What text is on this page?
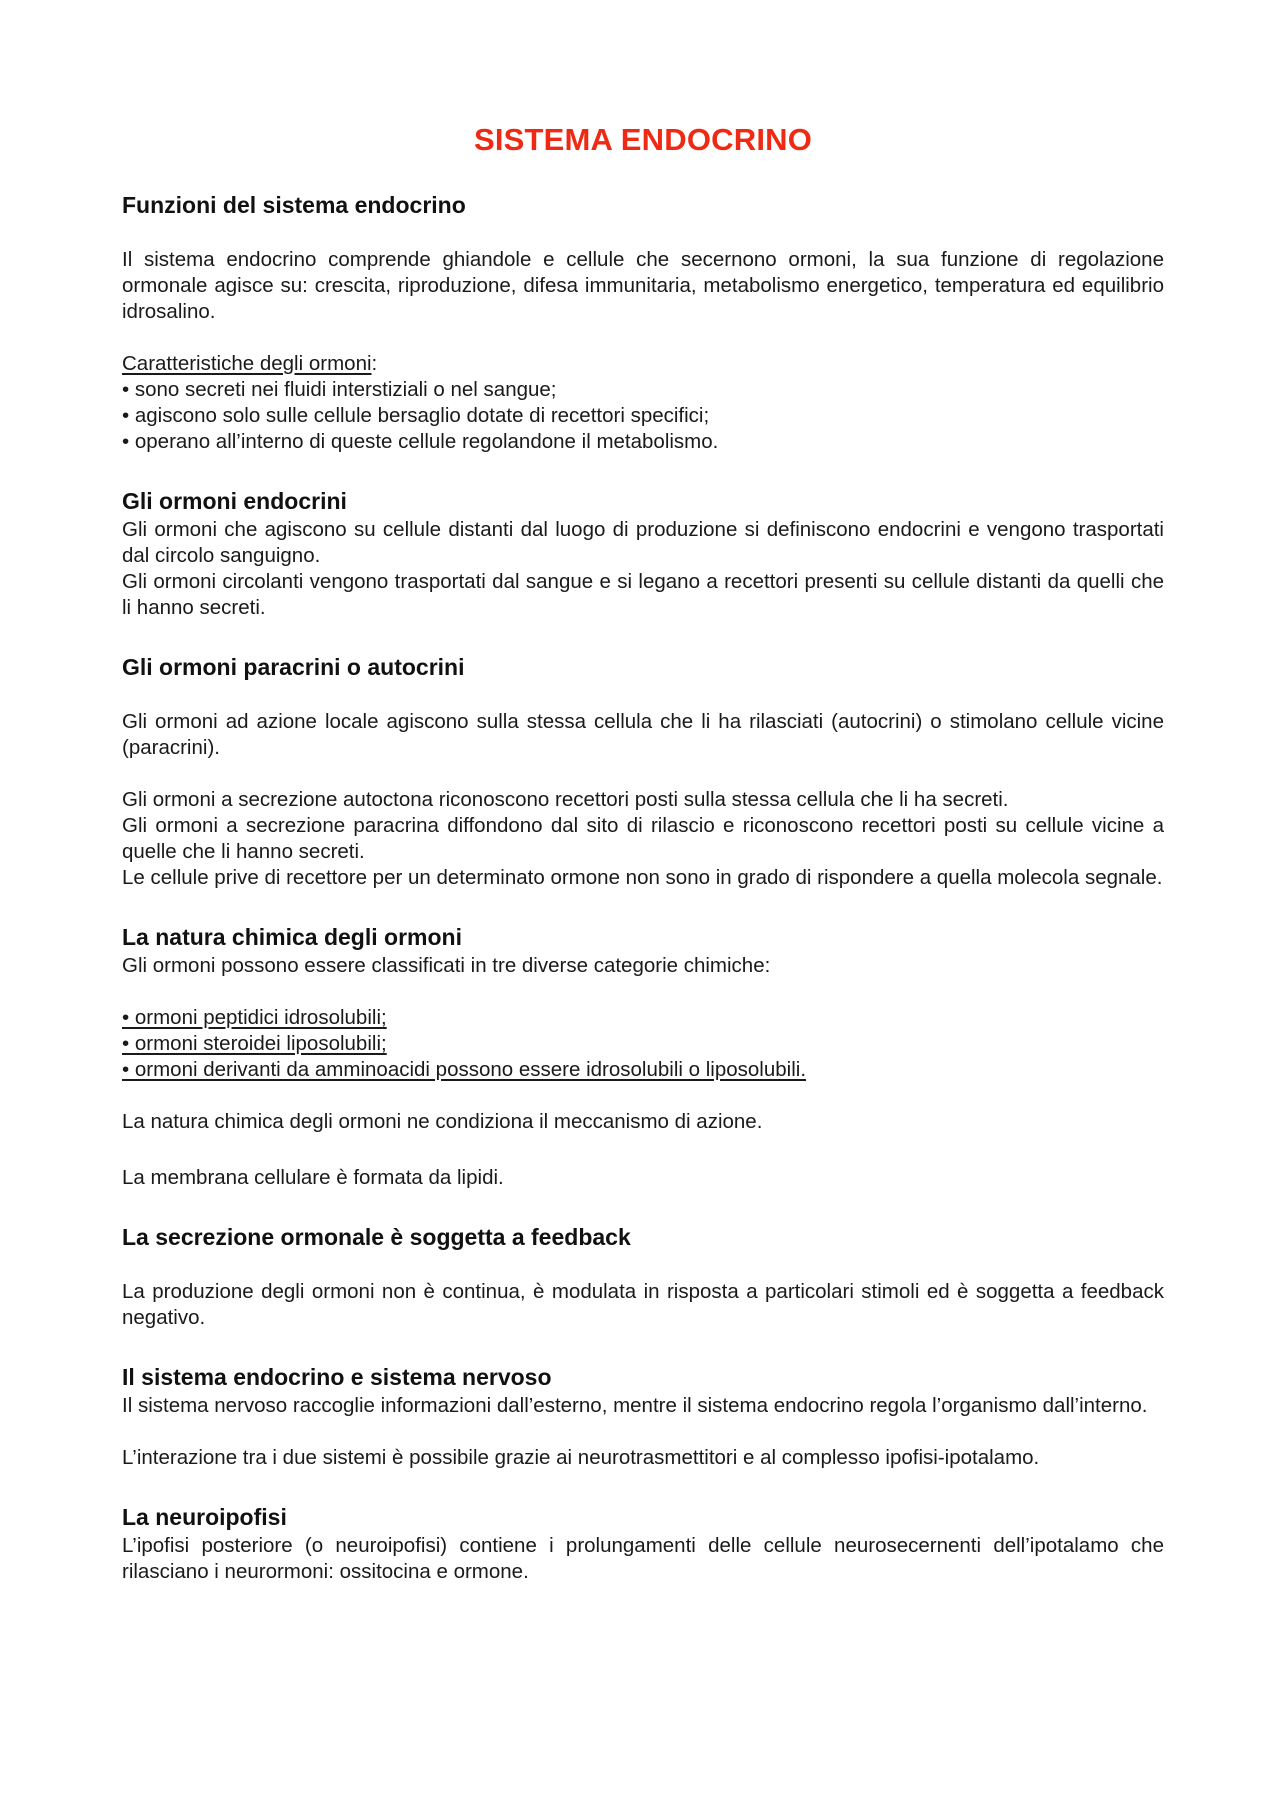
SISTEMA ENDOCRINO
Funzioni del sistema endocrino

Il sistema endocrino comprende ghiandole e cellule che secernono ormoni, la sua funzione di regolazione ormonale agisce su: crescita, riproduzione, difesa immunitaria, metabolismo energetico, temperatura ed equilibrio idrosalino.

Caratteristiche degli ormoni:
• sono secreti nei fluidi interstiziali o nel sangue;
• agiscono solo sulle cellule bersaglio dotate di recettori specifici;
• operano all’interno di queste cellule regolandone il metabolismo.
Gli ormoni endocrini

Gli ormoni che agiscono su cellule distanti dal luogo di produzione si definiscono endocrini e vengono trasportati dal circolo sanguigno.

Gli ormoni circolanti vengono trasportati dal sangue e si legano a recettori presenti su cellule distanti da quelli che li hanno secreti.

Gli ormoni paracrini o autocrini

Gli ormoni ad azione locale agiscono sulla stessa cellula che li ha rilasciati (autocrini) o stimolano cellule vicine (paracrini).

Gli ormoni a secrezione autoctona riconoscono recettori posti sulla stessa cellula che li ha secreti.

Gli ormoni a secrezione paracrina diffondono dal sito di rilascio e riconoscono recettori posti su cellule vicine a quelle che li hanno secreti.

Le cellule prive di recettore per un determinato ormone non sono in grado di rispondere a quella molecola segnale.

La natura chimica degli ormoni

Gli ormoni possono essere classificati in tre diverse categorie chimiche:

• ormoni peptidici idrosolubili;
• ormoni steroidei liposolubili;
• ormoni derivanti da amminoacidi possono essere idrosolubili o liposolubili.

La natura chimica degli ormoni ne condiziona il meccanismo di azione.

La membrana cellulare è formata da lipidi.

La secrezione ormonale è soggetta a feedback

La produzione degli ormoni non è continua, è modulata in risposta a particolari stimoli ed è soggetta a feedback negativo.

Il sistema endocrino e sistema nervoso

Il sistema nervoso raccoglie informazioni dall’esterno, mentre il sistema endocrino regola l’organismo dall’interno.

L’interazione tra i due sistemi è possibile grazie ai neurotrasmettitori e al complesso ipofisi-ipotalamo.

La neuroipofisi

L’ipofisi posteriore (o neuroipofisi) contiene i prolungamenti delle cellule neurosecernenti dell’ipotalamo che rilasciano i neurormoni: ossitocina e ormone.
